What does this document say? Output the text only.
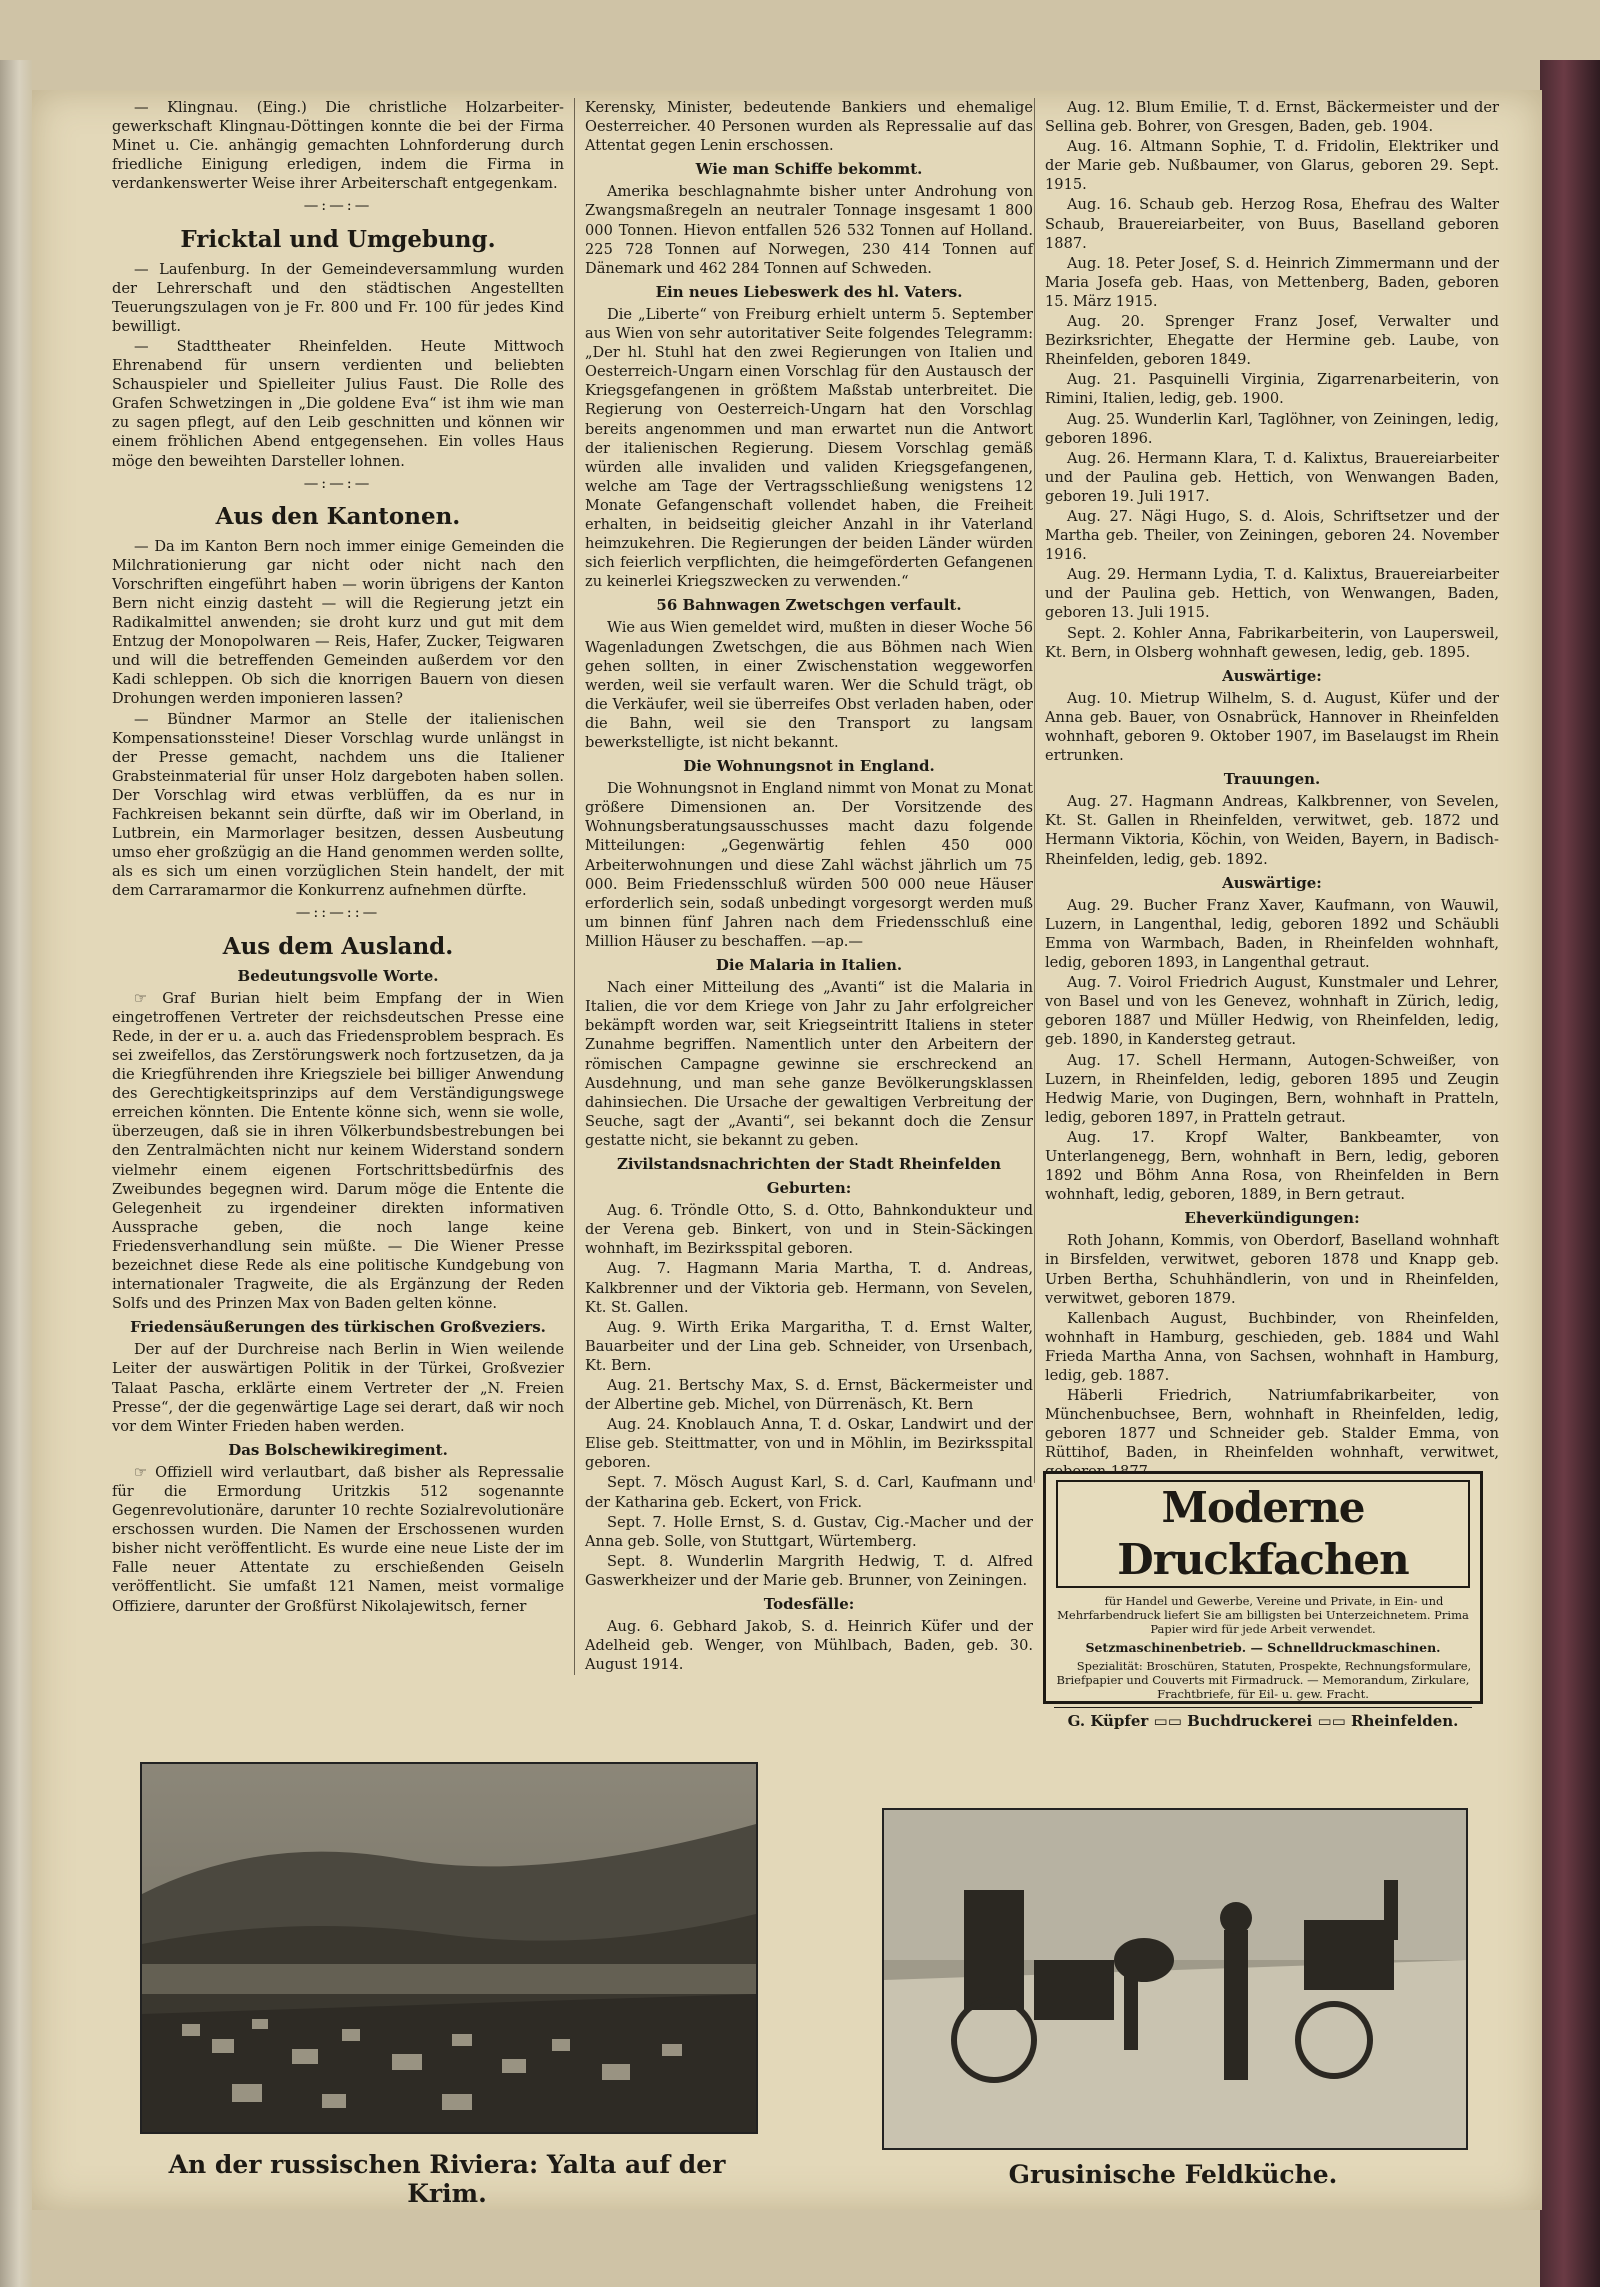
— Klingnau. (Eing.) Die christliche Holzarbeiter-gewerkschaft Klingnau-Döttingen konnte die bei der Firma Minet u. Cie. anhängig gemachten Lohnforderung durch friedliche Einigung erledigen, indem die Firma in verdankenswerter Weise ihrer Arbeiterschaft entgegenkam.

—:—:—
Fricktal und Umgebung.

— Laufenburg. In der Gemeindeversammlung wurden der Lehrerschaft und den städtischen Angestellten Teuerungszulagen von je Fr. 800 und Fr. 100 für jedes Kind bewilligt.

— Stadttheater Rheinfelden. Heute Mittwoch Ehrenabend für unsern verdienten und beliebten Schauspieler und Spielleiter Julius Faust. Die Rolle des Grafen Schwetzingen in „Die goldene Eva“ ist ihm wie man zu sagen pflegt, auf den Leib geschnitten und können wir einem fröhlichen Abend entgegensehen. Ein volles Haus möge den beweihten Darsteller lohnen.

—:—:—
Aus den Kantonen.

— Da im Kanton Bern noch immer einige Gemeinden die Milchrationierung gar nicht oder nicht nach den Vorschriften eingeführt haben — worin übrigens der Kanton Bern nicht einzig dasteht — will die Regierung jetzt ein Radikalmittel anwenden; sie droht kurz und gut mit dem Entzug der Monopolwaren — Reis, Hafer, Zucker, Teigwaren und will die betreffenden Gemeinden außerdem vor den Kadi schleppen. Ob sich die knorrigen Bauern von diesen Drohungen werden imponieren lassen?

— Bündner Marmor an Stelle der italienischen Kompensationssteine! Dieser Vorschlag wurde unlängst in der Presse gemacht, nachdem uns die Italiener Grabsteinmaterial für unser Holz dargeboten haben sollen. Der Vorschlag wird etwas verblüffen, da es nur in Fachkreisen bekannt sein dürfte, daß wir im Oberland, in Lutbrein, ein Marmorlager besitzen, dessen Ausbeutung umso eher großzügig an die Hand genommen werden sollte, als es sich um einen vorzüglichen Stein handelt, der mit dem Carraramarmor die Konkurrenz aufnehmen dürfte.

—::—::—
Aus dem Ausland.
Bedeutungsvolle Worte.

☞ Graf Burian hielt beim Empfang der in Wien eingetroffenen Vertreter der reichsdeutschen Presse eine Rede, in der er u. a. auch das Friedensproblem besprach. Es sei zweifellos, das Zerstörungswerk noch fortzusetzen, da ja die Kriegführenden ihre Kriegsziele bei billiger Anwendung des Gerechtigkeitsprinzips auf dem Verständigungswege erreichen könnten. Die Entente könne sich, wenn sie wolle, überzeugen, daß sie in ihren Völkerbundsbestrebungen bei den Zentralmächten nicht nur keinem Widerstand sondern vielmehr einem eigenen Fortschrittsbedürfnis des Zweibundes begegnen wird. Darum möge die Entente die Gelegenheit zu irgendeiner direkten informativen Aussprache geben, die noch lange keine Friedensverhandlung sein müßte. — Die Wiener Presse bezeichnet diese Rede als eine politische Kundgebung von internationaler Tragweite, die als Ergänzung der Reden Solfs und des Prinzen Max von Baden gelten könne.

Friedensäußerungen des türkischen Großveziers.

Der auf der Durchreise nach Berlin in Wien weilende Leiter der auswärtigen Politik in der Türkei, Großvezier Talaat Pascha, erklärte einem Vertreter der „N. Freien Presse“, der die gegenwärtige Lage sei derart, daß wir noch vor dem Winter Frieden haben werden.

Das Bolschewikiregiment.

☞ Offiziell wird verlautbart, daß bisher als Repressalie für die Ermordung Uritzkis 512 sogenannte Gegenrevolutionäre, darunter 10 rechte Sozialrevolutionäre erschossen wurden. Die Namen der Erschossenen wurden bisher nicht veröffentlicht. Es wurde eine neue Liste der im Falle neuer Attentate zu erschießenden Geiseln veröffentlicht. Sie umfaßt 121 Namen, meist vormalige Offiziere, darunter der Großfürst Nikolajewitsch, ferner

Kerensky, Minister, bedeutende Bankiers und ehemalige Oesterreicher. 40 Personen wurden als Repressalie auf das Attentat gegen Lenin erschossen.

Wie man Schiffe bekommt.

Amerika beschlagnahmte bisher unter Androhung von Zwangsmaßregeln an neutraler Tonnage insgesamt 1 800 000 Tonnen. Hievon entfallen 526 532 Tonnen auf Holland. 225 728 Tonnen auf Norwegen, 230 414 Tonnen auf Dänemark und 462 284 Tonnen auf Schweden.

Ein neues Liebeswerk des hl. Vaters.

Die „Liberte“ von Freiburg erhielt unterm 5. September aus Wien von sehr autoritativer Seite folgendes Telegramm: „Der hl. Stuhl hat den zwei Regierungen von Italien und Oesterreich-Ungarn einen Vorschlag für den Austausch der Kriegsgefangenen in größtem Maßstab unterbreitet. Die Regierung von Oesterreich-Ungarn hat den Vorschlag bereits angenommen und man erwartet nun die Antwort der italienischen Regierung. Diesem Vorschlag gemäß würden alle invaliden und validen Kriegsgefangenen, welche am Tage der Vertragsschließung wenigstens 12 Monate Gefangenschaft vollendet haben, die Freiheit erhalten, in beidseitig gleicher Anzahl in ihr Vaterland heimzukehren. Die Regierungen der beiden Länder würden sich feierlich verpflichten, die heimgeförderten Gefangenen zu keinerlei Kriegszwecken zu verwenden.“

56 Bahnwagen Zwetschgen verfault.

Wie aus Wien gemeldet wird, mußten in dieser Woche 56 Wagenladungen Zwetschgen, die aus Böhmen nach Wien gehen sollten, in einer Zwischenstation weggeworfen werden, weil sie verfault waren. Wer die Schuld trägt, ob die Verkäufer, weil sie überreifes Obst verladen haben, oder die Bahn, weil sie den Transport zu langsam bewerkstelligte, ist nicht bekannt.

Die Wohnungsnot in England.

Die Wohnungsnot in England nimmt von Monat zu Monat größere Dimensionen an. Der Vorsitzende des Wohnungsberatungsausschusses macht dazu folgende Mitteilungen: „Gegenwärtig fehlen 450 000 Arbeiterwohnungen und diese Zahl wächst jährlich um 75 000. Beim Friedensschluß würden 500 000 neue Häuser erforderlich sein, sodaß unbedingt vorgesorgt werden muß um binnen fünf Jahren nach dem Friedensschluß eine Million Häuser zu beschaffen. —ap.—

Die Malaria in Italien.

Nach einer Mitteilung des „Avanti“ ist die Malaria in Italien, die vor dem Kriege von Jahr zu Jahr erfolgreicher bekämpft worden war, seit Kriegseintritt Italiens in steter Zunahme begriffen. Namentlich unter den Arbeitern der römischen Campagne gewinne sie erschreckend an Ausdehnung, und man sehe ganze Bevölkerungsklassen dahinsiechen. Die Ursache der gewaltigen Verbreitung der Seuche, sagt der „Avanti“, sei bekannt doch die Zensur gestatte nicht, sie bekannt zu geben.

Zivilstandsnachrichten der Stadt Rheinfelden
Geburten:

Aug. 6. Tröndle Otto, S. d. Otto, Bahnkondukteur und der Verena geb. Binkert, von und in Stein-Säckingen wohnhaft, im Bezirksspital geboren.

Aug. 7. Hagmann Maria Martha, T. d. Andreas, Kalkbrenner und der Viktoria geb. Hermann, von Sevelen, Kt. St. Gallen.

Aug. 9. Wirth Erika Margaritha, T. d. Ernst Walter, Bauarbeiter und der Lina geb. Schneider, von Ursenbach, Kt. Bern.

Aug. 21. Bertschy Max, S. d. Ernst, Bäckermeister und der Albertine geb. Michel, von Dürrenäsch, Kt. Bern

Aug. 24. Knoblauch Anna, T. d. Oskar, Landwirt und der Elise geb. Steittmatter, von und in Möhlin, im Bezirksspital geboren.

Sept. 7. Mösch August Karl, S. d. Carl, Kaufmann und der Katharina geb. Eckert, von Frick.

Sept. 7. Holle Ernst, S. d. Gustav, Cig.-Macher und der Anna geb. Solle, von Stuttgart, Würtemberg.

Sept. 8. Wunderlin Margrith Hedwig, T. d. Alfred Gaswerkheizer und der Marie geb. Brunner, von Zeiningen.

Todesfälle:

Aug. 6. Gebhard Jakob, S. d. Heinrich Küfer und der Adelheid geb. Wenger, von Mühlbach, Baden, geb. 30. August 1914.

Aug. 12. Blum Emilie, T. d. Ernst, Bäckermeister und der Sellina geb. Bohrer, von Gresgen, Baden, geb. 1904.

Aug. 16. Altmann Sophie, T. d. Fridolin, Elektriker und der Marie geb. Nußbaumer, von Glarus, geboren 29. Sept. 1915.

Aug. 16. Schaub geb. Herzog Rosa, Ehefrau des Walter Schaub, Brauereiarbeiter, von Buus, Baselland geboren 1887.

Aug. 18. Peter Josef, S. d. Heinrich Zimmermann und der Maria Josefa geb. Haas, von Mettenberg, Baden, geboren 15. März 1915.

Aug. 20. Sprenger Franz Josef, Verwalter und Bezirksrichter, Ehegatte der Hermine geb. Laube, von Rheinfelden, geboren 1849.

Aug. 21. Pasquinelli Virginia, Zigarrenarbeiterin, von Rimini, Italien, ledig, geb. 1900.

Aug. 25. Wunderlin Karl, Taglöhner, von Zeiningen, ledig, geboren 1896.

Aug. 26. Hermann Klara, T. d. Kalixtus, Brauereiarbeiter und der Paulina geb. Hettich, von Wenwangen Baden, geboren 19. Juli 1917.

Aug. 27. Nägi Hugo, S. d. Alois, Schriftsetzer und der Martha geb. Theiler, von Zeiningen, geboren 24. November 1916.

Aug. 29. Hermann Lydia, T. d. Kalixtus, Brauereiarbeiter und der Paulina geb. Hettich, von Wenwangen, Baden, geboren 13. Juli 1915.

Sept. 2. Kohler Anna, Fabrikarbeiterin, von Laupersweil, Kt. Bern, in Olsberg wohnhaft gewesen, ledig, geb. 1895.

Auswärtige:

Aug. 10. Mietrup Wilhelm, S. d. August, Küfer und der Anna geb. Bauer, von Osnabrück, Hannover in Rheinfelden wohnhaft, geboren 9. Oktober 1907, im Baselaugst im Rhein ertrunken.

Trauungen.

Aug. 27. Hagmann Andreas, Kalkbrenner, von Sevelen, Kt. St. Gallen in Rheinfelden, verwitwet, geb. 1872 und Hermann Viktoria, Köchin, von Weiden, Bayern, in Badisch-Rheinfelden, ledig, geb. 1892.

Auswärtige:

Aug. 29. Bucher Franz Xaver, Kaufmann, von Wauwil, Luzern, in Langenthal, ledig, geboren 1892 und Schäubli Emma von Warmbach, Baden, in Rheinfelden wohnhaft, ledig, geboren 1893, in Langenthal getraut.

Aug. 7. Voirol Friedrich August, Kunstmaler und Lehrer, von Basel und von les Genevez, wohnhaft in Zürich, ledig, geboren 1887 und Müller Hedwig, von Rheinfelden, ledig, geb. 1890, in Kandersteg getraut.

Aug. 17. Schell Hermann, Autogen-Schweißer, von Luzern, in Rheinfelden, ledig, geboren 1895 und Zeugin Hedwig Marie, von Dugingen, Bern, wohnhaft in Pratteln, ledig, geboren 1897, in Pratteln getraut.

Aug. 17. Kropf Walter, Bankbeamter, von Unterlangenegg, Bern, wohnhaft in Bern, ledig, geboren 1892 und Böhm Anna Rosa, von Rheinfelden in Bern wohnhaft, ledig, geboren, 1889, in Bern getraut.

Eheverkündigungen:

Roth Johann, Kommis, von Oberdorf, Baselland wohnhaft in Birsfelden, verwitwet, geboren 1878 und Knapp geb. Urben Bertha, Schuhhändlerin, von und in Rheinfelden, verwitwet, geboren 1879.

Kallenbach August, Buchbinder, von Rheinfelden, wohnhaft in Hamburg, geschieden, geb. 1884 und Wahl Frieda Martha Anna, von Sachsen, wohnhaft in Hamburg, ledig, geb. 1887.

Häberli Friedrich, Natriumfabrikarbeiter, von Münchenbuchsee, Bern, wohnhaft in Rheinfelden, ledig, geboren 1877 und Schneider geb. Stalder Emma, von Rüttihof, Baden, in Rheinfelden wohnhaft, verwitwet,

Moderne Druckfachen

für Handel und Gewerbe, Vereine und Private, in Ein- und Mehrfarbendruck liefert Sie am billigsten bei Unterzeichnetem. Prima Papier wird für jede Arbeit verwendet.

Setzmaschinenbetrieb. — Schnelldruckmaschinen.

Spezialität: Broschüren, Statuten, Prospekte, Rechnungsformulare, Briefpapier und Couverts mit Firmadruck. — Memorandum, Zirkulare, Frachtbriefe, für Eil- u. gew. Fracht.

G. Küpfer ▭▭ Buchdruckerei ▭▭ Rheinfelden.
An der russischen Riviera: Yalta auf der Krim.
Grusinische Feldküche.
